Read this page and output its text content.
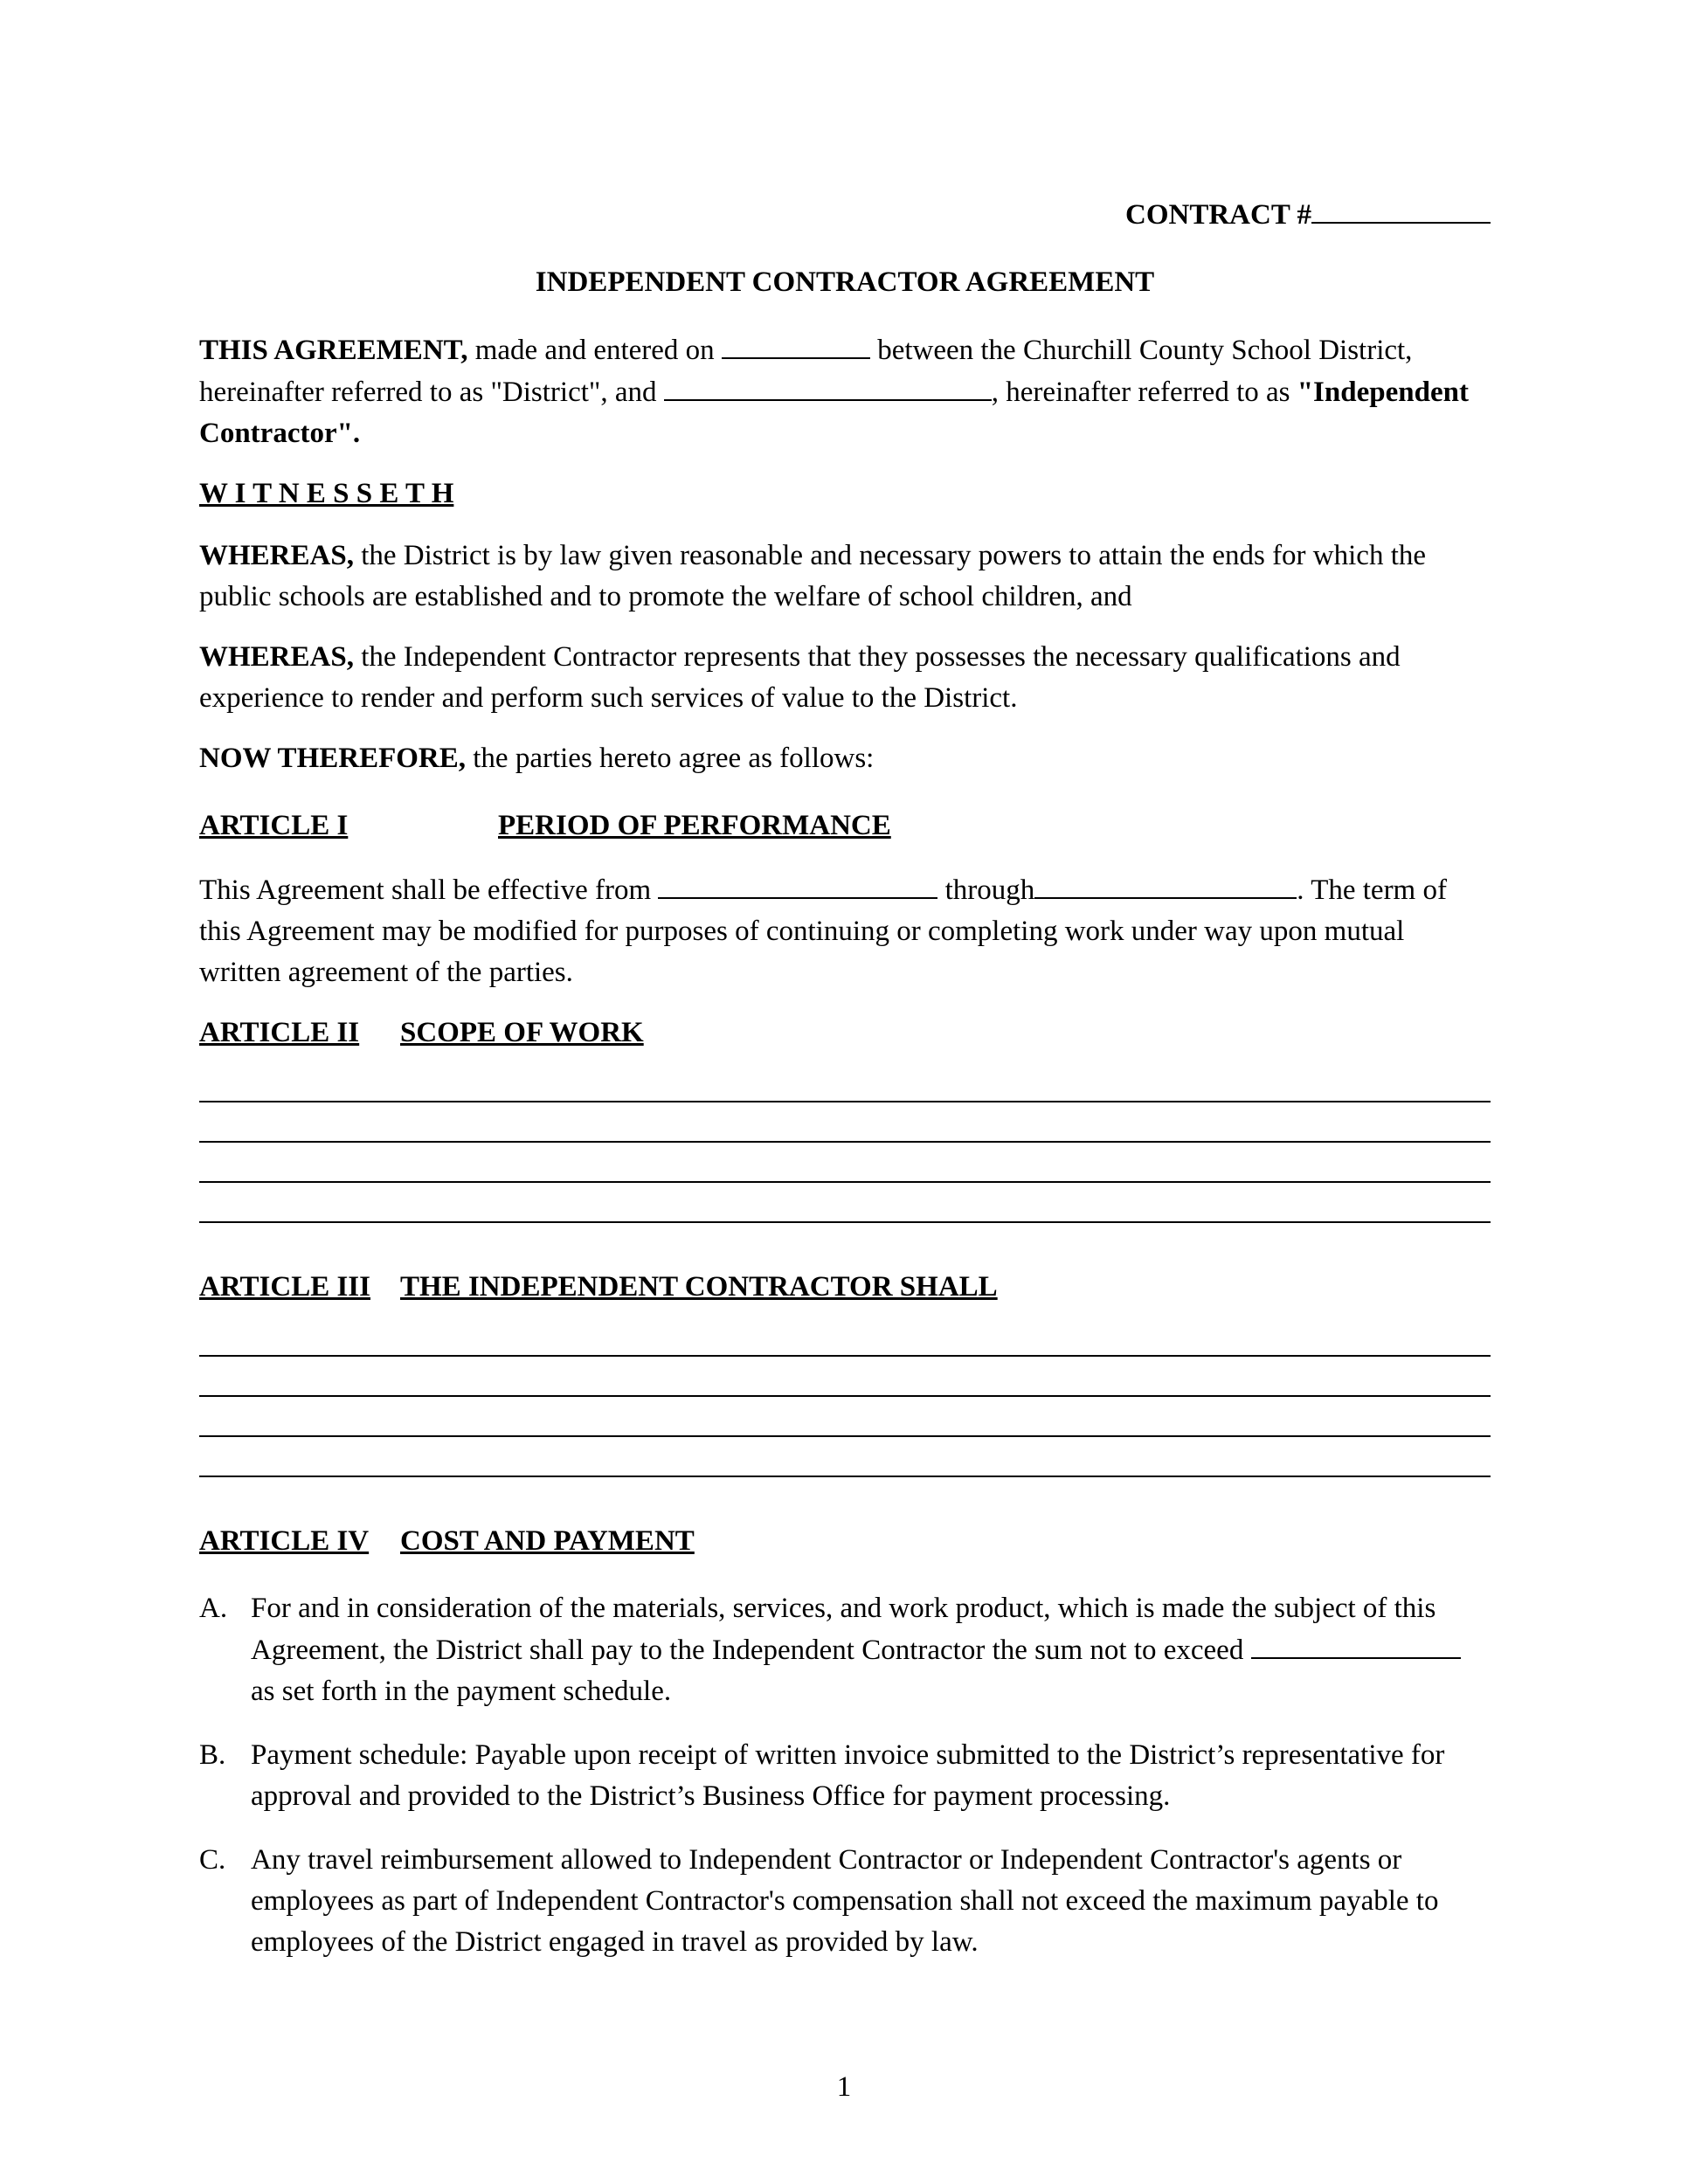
CONTRACT #
INDEPENDENT CONTRACTOR AGREEMENT
THIS AGREEMENT, made and entered on	between the Churchill County School District, hereinafter referred to as "District", and	, hereinafter referred to as "Independent Contractor".
W I T N E S S E T H
WHEREAS, the District is by law given reasonable and necessary powers to attain the ends for which the public schools are established and to promote the welfare of school children, and
WHEREAS, the Independent Contractor represents that they possesses the necessary qualifications and experience to render and perform such services of value to the District.
NOW THEREFORE, the parties hereto agree as follows:
ARTICLE I	PERIOD OF PERFORMANCE
This Agreement shall be effective from	through	. The term of this Agreement may be modified for purposes of continuing or completing work under way upon mutual written agreement of the parties.
ARTICLE II SCOPE OF WORK
ARTICLE III THE INDEPENDENT CONTRACTOR SHALL
ARTICLE IV COST AND PAYMENT
A. For and in consideration of the materials, services, and work product, which is made the subject of this Agreement, the District shall pay to the Independent Contractor the sum not to exceed  as set forth in the payment schedule.
B. Payment schedule: Payable upon receipt of written invoice submitted to the District’s representative for approval and provided to the District’s Business Office for payment processing.
C. Any travel reimbursement allowed to Independent Contractor or Independent Contractor's agents or employees as part of Independent Contractor's compensation shall not exceed the maximum payable to employees of the District engaged in travel as provided by law.
1
